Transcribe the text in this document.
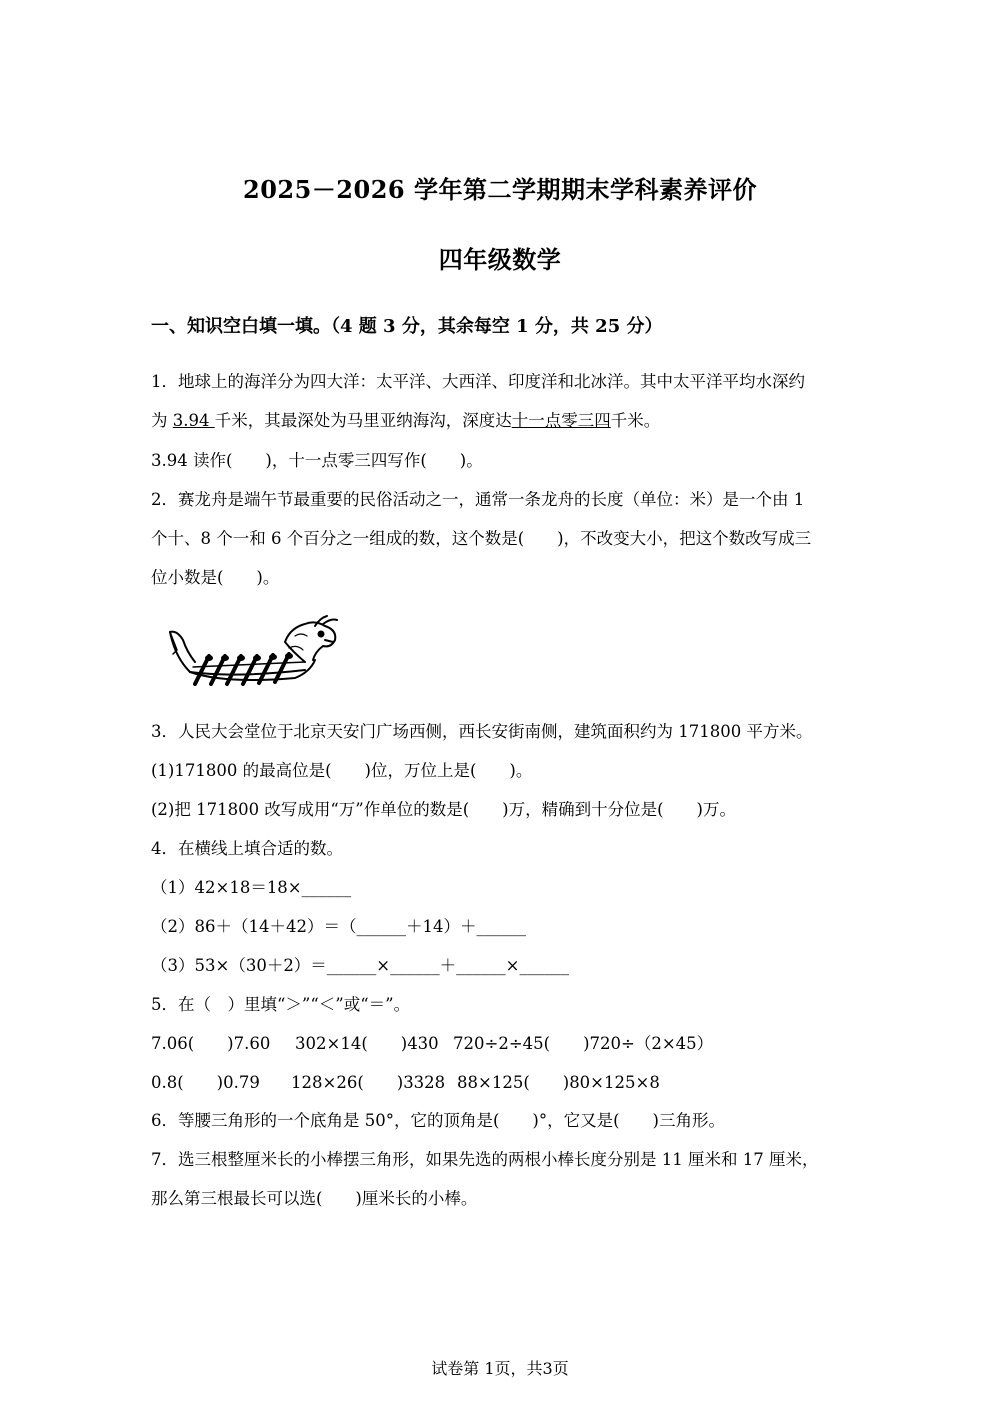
2025－2026 学年第二学期期末学科素养评价
四年级数学
一、知识空白填一填。（4 题 3 分，其余每空 1 分，共 25 分）
1．地球上的海洋分为四大洋：太平洋、大西洋、印度洋和北冰洋。其中太平洋平均水深约
为 3.94 千米，其最深处为马里亚纳海沟，深度达十一点零三四千米。
3.94 读作(　　)，十一点零三四写作(　　)。
2．赛龙舟是端午节最重要的民俗活动之一，通常一条龙舟的长度（单位：米）是一个由 1
个十、8 个一和 6 个百分之一组成的数，这个数是(　　)，不改变大小，把这个数改写成三
位小数是(　　)。
3．人民大会堂位于北京天安门广场西侧，西长安街南侧，建筑面积约为 171800 平方米。
(1)171800 的最高位是(　　)位，万位上是(　　)。
(2)把 171800 改写成用“万”作单位的数是(　　)万，精确到十分位是(　　)万。
4．在横线上填合适的数。
（1）42×18＝18×______
（2）86＋（14＋42）＝（______＋14）＋______
（3）53×（30＋2）＝______×______＋______×______
5．在（　）里填“＞”“＜”或“＝”。
7.06(　　)7.60 302×14(　　)430 720÷2÷45(　　)720÷（2×45）
0.8(　　)0.79 128×26(　　)3328 88×125(　　)80×125×8
6．等腰三角形的一个底角是 50°，它的顶角是(　　)°，它又是(　　)三角形。
7．选三根整厘米长的小棒摆三角形，如果先选的两根小棒长度分别是 11 厘米和 17 厘米，
那么第三根最长可以选(　　)厘米长的小棒。
试卷第 1页，共3页
